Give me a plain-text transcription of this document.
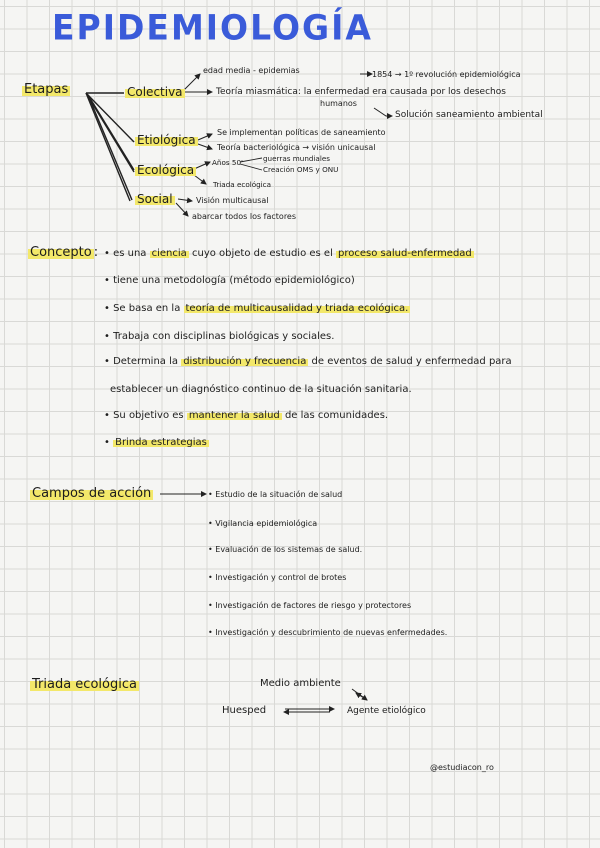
EPIDEMIOLOGÍA
Etapas	Colectiva
edad media - epidemias	1854 → 1º revolución epidemiológica
Teoría miasmática: la enfermedad era causada por los desechos
humanos
Solución saneamiento ambiental
Etiológica
Se implementan políticas de saneamiento
Teoría bacteriológica → visión unicausal
Ecológica
Años 50'	guerras mundiales
Creación OMS y ONU
Triada ecológica
Social	Visión multicausal
abarcar todos los factores
Concepto : • es una ciencia cuyo objeto de estudio es el proceso salud-enfermedad
• tiene una metodología (método epidemiológico)
• Se basa en la teoría de multicausalidad y triada ecológica.
• Trabaja con disciplinas biológicas y sociales.
• Determina la distribución y frecuencia de eventos de salud y enfermedad para
establecer un diagnóstico continuo de la situación sanitaria.
• Su objetivo es mantener la salud de las comunidades.
• Brinda estrategias
Campos de acción	• Estudio de la situación de salud
• Vigilancia epidemiológica
• Evaluación de los sistemas de salud.
• Investigación y control de brotes
• Investigación de factores de riesgo y protectores
• Investigación y descubrimiento de nuevas enfermedades.
Triada ecológica	Medio ambiente
Huesped	Agente etiológico
@estudiacon_ro
